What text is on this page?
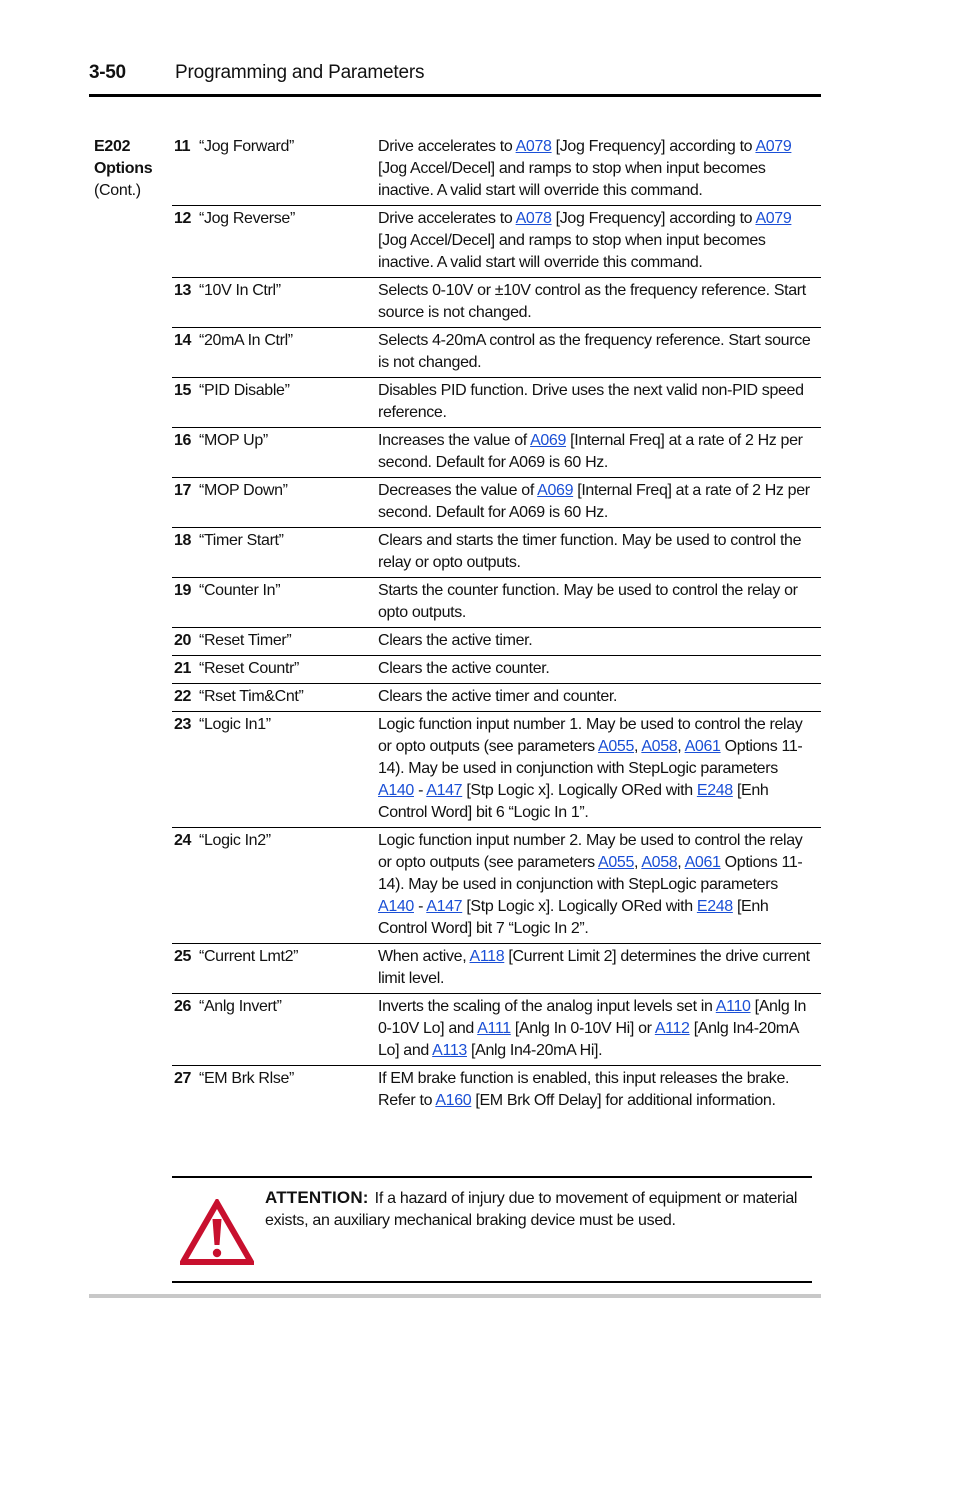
3-50	Programming and Parameters
E202
Options
(Cont.)
11 “Jog Forward”	Drive accelerates to A078 [Jog Frequency] according to A079 [Jog Accel/Decel] and ramps to stop when input becomes inactive. A valid start will override this command.
12 “Jog Reverse”	Drive accelerates to A078 [Jog Frequency] according to A079 [Jog Accel/Decel] and ramps to stop when input becomes inactive. A valid start will override this command.
13 “10V In Ctrl”	Selects 0-10V or ±10V control as the frequency reference. Start source is not changed.
14 “20mA In Ctrl”	Selects 4-20mA control as the frequency reference. Start source is not changed.
15 “PID Disable”	Disables PID function. Drive uses the next valid non-PID speed reference.
16 “MOP Up”	Increases the value of A069 [Internal Freq] at a rate of 2 Hz per second. Default for A069 is 60 Hz.
17 “MOP Down”	Decreases the value of A069 [Internal Freq] at a rate of 2 Hz per second. Default for A069 is 60 Hz.
18 “Timer Start”	Clears and starts the timer function. May be used to control the relay or opto outputs.
19 “Counter In”	Starts the counter function. May be used to control the relay or opto outputs.
20 “Reset Timer”	Clears the active timer.
21 “Reset Countr”	Clears the active counter.
22 “Rset Tim&Cnt”	Clears the active timer and counter.
23 “Logic In1”	Logic function input number 1. May be used to control the relay or opto outputs (see parameters A055, A058, A061 Options 11-14). May be used in conjunction with StepLogic parameters A140 - A147 [Stp Logic x]. Logically ORed with E248 [Enh Control Word] bit 6 “Logic In 1”.
24 “Logic In2”	Logic function input number 2. May be used to control the relay or opto outputs (see parameters A055, A058, A061 Options 11-14). May be used in conjunction with StepLogic parameters A140 - A147 [Stp Logic x]. Logically ORed with E248 [Enh Control Word] bit 7 “Logic In 2”.
25 “Current Lmt2”	When active, A118 [Current Limit 2] determines the drive current limit level.
26 “Anlg Invert”	Inverts the scaling of the analog input levels set in A110 [Anlg In 0-10V Lo] and A111 [Anlg In 0-10V Hi] or A112 [Anlg In4-20mA Lo] and A113 [Anlg In4-20mA Hi].
27 “EM Brk Rlse”	If EM brake function is enabled, this input releases the brake. Refer to A160 [EM Brk Off Delay] for additional information.
ATTENTION: If a hazard of injury due to movement of equipment or material exists, an auxiliary mechanical braking device must be used.
